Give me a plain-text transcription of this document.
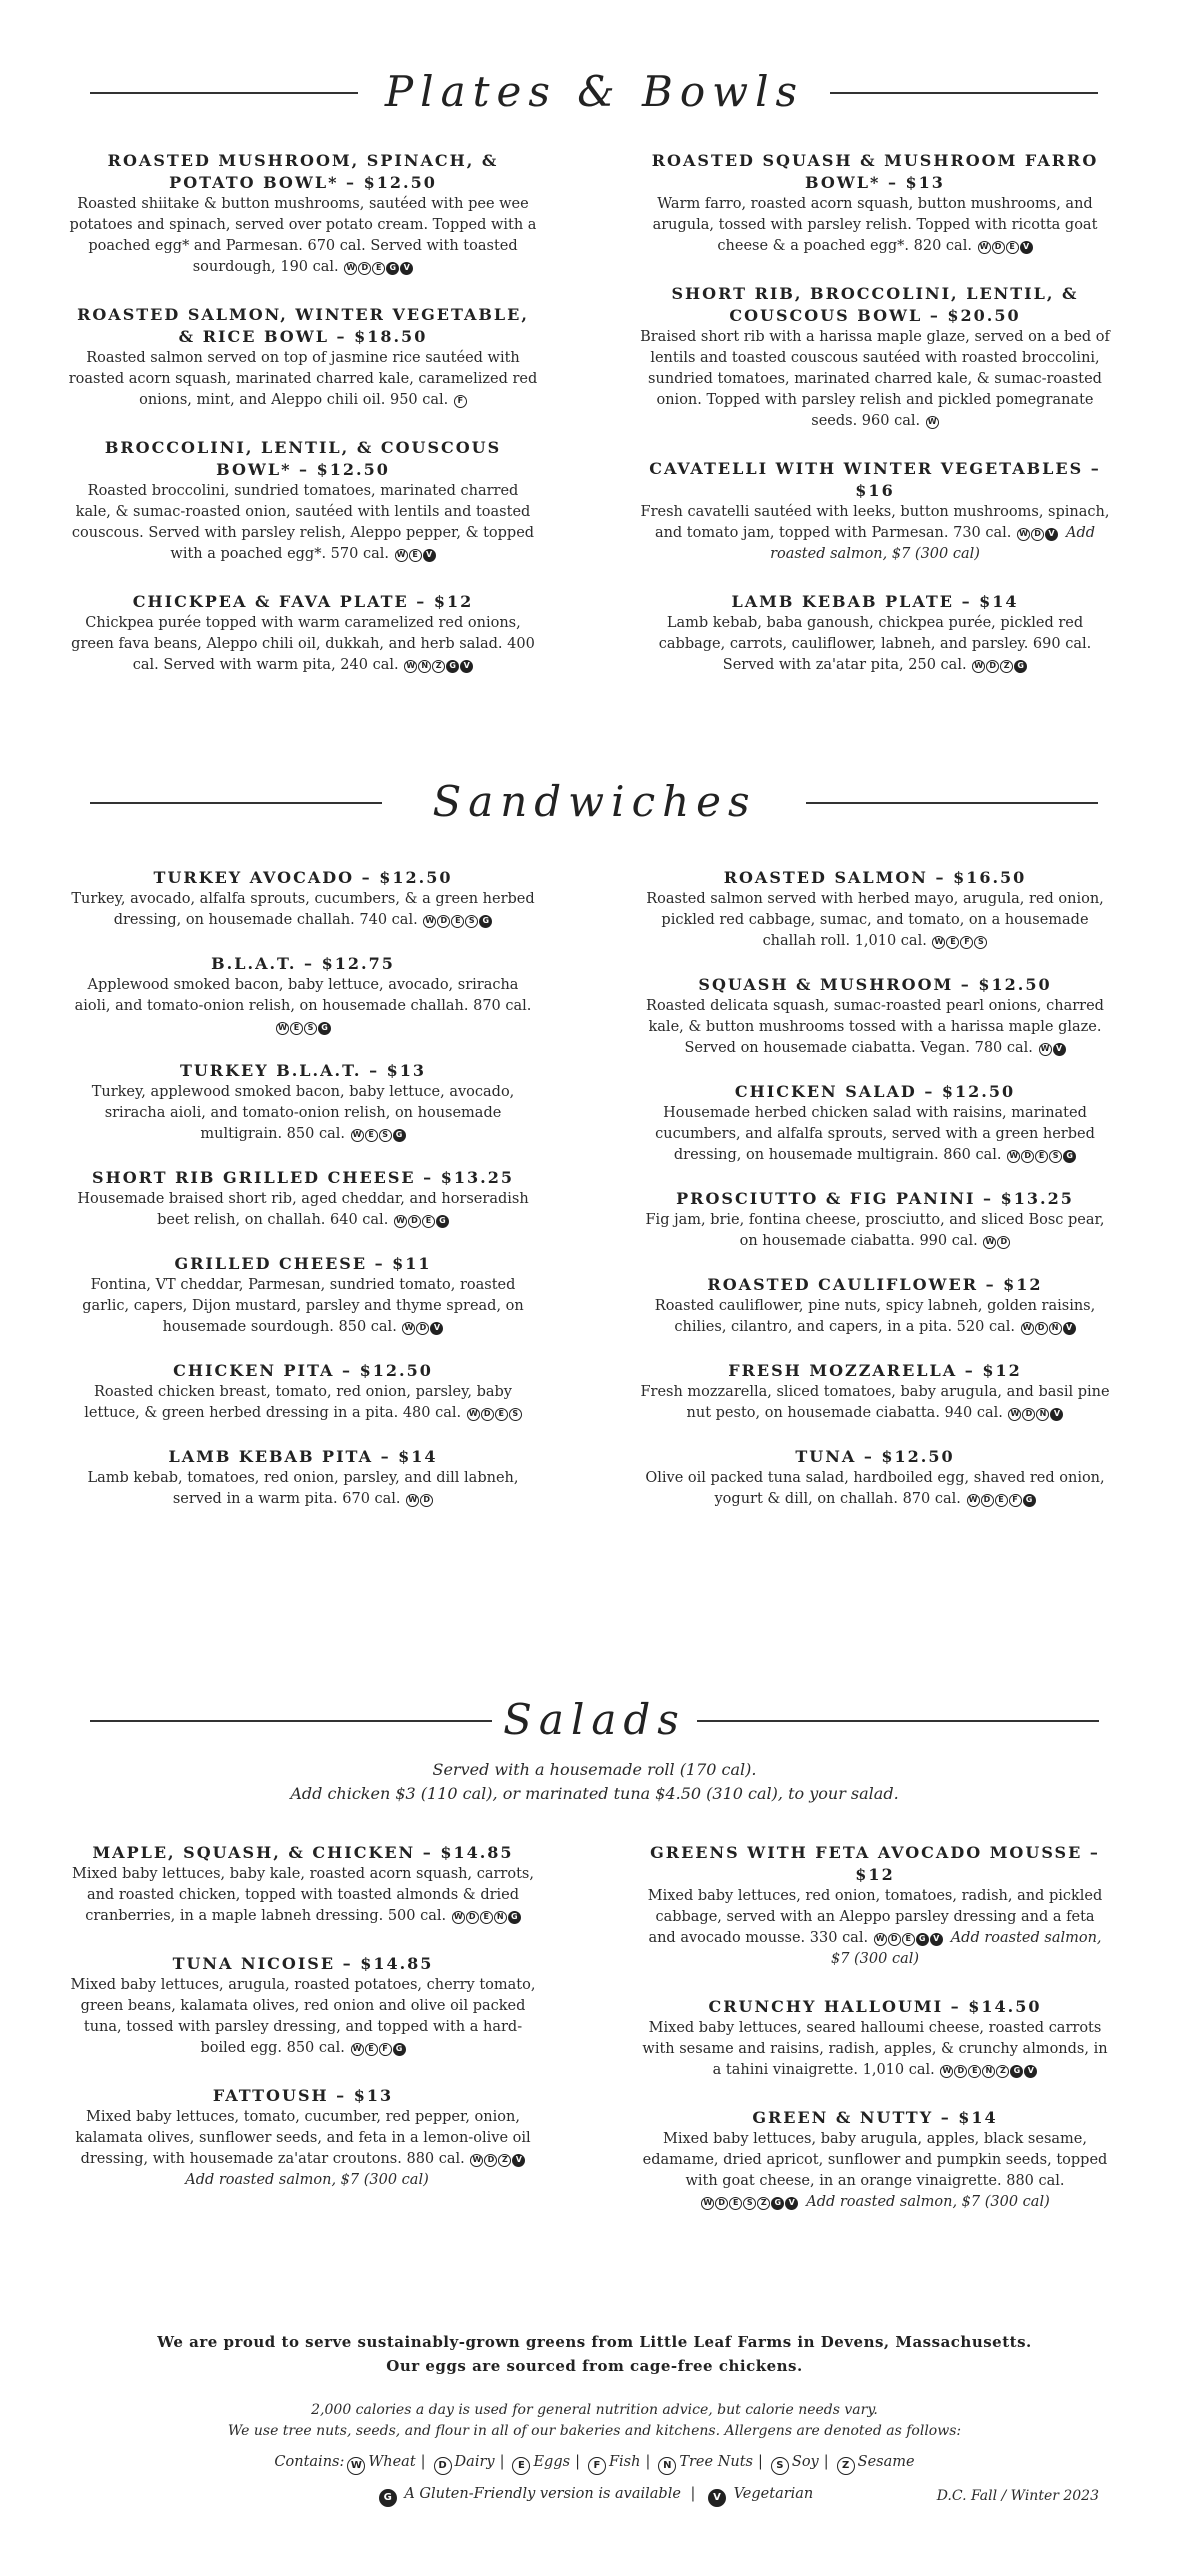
Plates & Bowls
ROASTED MUSHROOM, SPINACH, & POTATO BOWL* – $12.50
Roasted shiitake & button mushrooms, sautéed with pee wee potatoes and spinach, served over potato cream. Topped with a poached egg* and Parmesan. 670 cal. Served with toasted sourdough, 190 cal. W D E G V
ROASTED SALMON, WINTER VEGETABLE, & RICE BOWL – $18.50
Roasted salmon served on top of jasmine rice sautéed with roasted acorn squash, marinated charred kale, caramelized red onions, mint, and Aleppo chili oil. 950 cal. F
BROCCOLINI, LENTIL, & COUSCOUS BOWL* – $12.50
Roasted broccolini, sundried tomatoes, marinated charred kale, & sumac-roasted onion, sautéed with lentils and toasted couscous. Served with parsley relish, Aleppo pepper, & topped with a poached egg*. 570 cal. W E V
CHICKPEA & FAVA PLATE – $12
Chickpea purée topped with warm caramelized red onions, green fava beans, Aleppo chili oil, dukkah, and herb salad. 400 cal. Served with warm pita, 240 cal. W N Z G V
ROASTED SQUASH & MUSHROOM FARRO BOWL* – $13
Warm farro, roasted acorn squash, button mushrooms, and arugula, tossed with parsley relish. Topped with ricotta goat cheese & a poached egg*. 820 cal. W D E V
SHORT RIB, BROCCOLINI, LENTIL, & COUSCOUS BOWL – $20.50
Braised short rib with a harissa maple glaze, served on a bed of lentils and toasted couscous sautéed with roasted broccolini, sundried tomatoes, marinated charred kale, & sumac-roasted onion. Topped with parsley relish and pickled pomegranate seeds. 960 cal. W
CAVATELLI WITH WINTER VEGETABLES – $16
Fresh cavatelli sautéed with leeks, button mushrooms, spinach, and tomato jam, topped with Parmesan. 730 cal. W D V Add roasted salmon, $7 (300 cal)
LAMB KEBAB PLATE – $14
Lamb kebab, baba ganoush, chickpea purée, pickled red cabbage, carrots, cauliflower, labneh, and parsley. 690 cal. Served with za'atar pita, 250 cal. W D Z G
Sandwiches
TURKEY AVOCADO – $12.50
Turkey, avocado, alfalfa sprouts, cucumbers, & a green herbed dressing, on housemade challah. 740 cal. W D E S G
B.L.A.T. – $12.75
Applewood smoked bacon, baby lettuce, avocado, sriracha aioli, and tomato-onion relish, on housemade challah. 870 cal. W E S G
TURKEY B.L.A.T. – $13
Turkey, applewood smoked bacon, baby lettuce, avocado, sriracha aioli, and tomato-onion relish, on housemade multigrain. 850 cal. W E S G
SHORT RIB GRILLED CHEESE – $13.25
Housemade braised short rib, aged cheddar, and horseradish beet relish, on challah. 640 cal. W D E G
GRILLED CHEESE – $11
Fontina, VT cheddar, Parmesan, sundried tomato, roasted garlic, capers, Dijon mustard, parsley and thyme spread, on housemade sourdough. 850 cal. W D V
CHICKEN PITA – $12.50
Roasted chicken breast, tomato, red onion, parsley, baby lettuce, & green herbed dressing in a pita. 480 cal. W D E S
LAMB KEBAB PITA – $14
Lamb kebab, tomatoes, red onion, parsley, and dill labneh, served in a warm pita. 670 cal. W D
ROASTED SALMON – $16.50
Roasted salmon served with herbed mayo, arugula, red onion, pickled red cabbage, sumac, and tomato, on a housemade challah roll. 1,010 cal. W E F S
SQUASH & MUSHROOM – $12.50
Roasted delicata squash, sumac-roasted pearl onions, charred kale, & button mushrooms tossed with a harissa maple glaze. Served on housemade ciabatta. Vegan. 780 cal. W V
CHICKEN SALAD – $12.50
Housemade herbed chicken salad with raisins, marinated cucumbers, and alfalfa sprouts, served with a green herbed dressing, on housemade multigrain. 860 cal. W D E S G
PROSCIUTTO & FIG PANINI – $13.25
Fig jam, brie, fontina cheese, prosciutto, and sliced Bosc pear, on housemade ciabatta. 990 cal. W D
ROASTED CAULIFLOWER – $12
Roasted cauliflower, pine nuts, spicy labneh, golden raisins, chilies, cilantro, and capers, in a pita. 520 cal. W D N V
FRESH MOZZARELLA – $12
Fresh mozzarella, sliced tomatoes, baby arugula, and basil pine nut pesto, on housemade ciabatta. 940 cal. W D N V
TUNA – $12.50
Olive oil packed tuna salad, hardboiled egg, shaved red onion, yogurt & dill, on challah. 870 cal. W D E F G
Salads
Served with a housemade roll (170 cal).
Add chicken $3 (110 cal), or marinated tuna $4.50 (310 cal), to your salad.
MAPLE, SQUASH, & CHICKEN – $14.85
Mixed baby lettuces, baby kale, roasted acorn squash, carrots, and roasted chicken, topped with toasted almonds & dried cranberries, in a maple labneh dressing. 500 cal. W D E N G
TUNA NICOISE – $14.85
Mixed baby lettuces, arugula, roasted potatoes, cherry tomato, green beans, kalamata olives, red onion and olive oil packed tuna, tossed with parsley dressing, and topped with a hard-boiled egg. 850 cal. W E F G
FATTOUSH – $13
Mixed baby lettuces, tomato, cucumber, red pepper, onion, kalamata olives, sunflower seeds, and feta in a lemon-olive oil dressing, with housemade za'atar croutons. 880 cal. W D Z VAdd roasted salmon, $7 (300 cal)
GREENS WITH FETA AVOCADO MOUSSE – $12
Mixed baby lettuces, red onion, tomatoes, radish, and pickled cabbage, served with an Aleppo parsley dressing and a feta and avocado mousse. 330 cal. W D E G V Add roasted salmon, $7 (300 cal)
CRUNCHY HALLOUMI – $14.50
Mixed baby lettuces, seared halloumi cheese, roasted carrots with sesame and raisins, radish, apples, & crunchy almonds, in a tahini vinaigrette. 1,010 cal. W D E N Z G V
GREEN & NUTTY – $14
Mixed baby lettuces, baby arugula, apples, black sesame, edamame, dried apricot, sunflower and pumpkin seeds, topped with goat cheese, in an orange vinaigrette. 880 cal. W D E S Z G V Add roasted salmon, $7 (300 cal)
We are proud to serve sustainably-grown greens from Little Leaf Farms in Devens, Massachusetts. Our eggs are sourced from cage-free chickens.
2,000 calories a day is used for general nutrition advice, but calorie needs vary.
We use tree nuts, seeds, and flour in all of our bakeries and kitchens. Allergens are denoted as follows:
Contains: W Wheat | D Dairy | E Eggs | F Fish | N Tree Nuts | S Soy | Z Sesame
G A Gluten-Friendly version is available | V Vegetarian	D.C. Fall / Winter 2023
